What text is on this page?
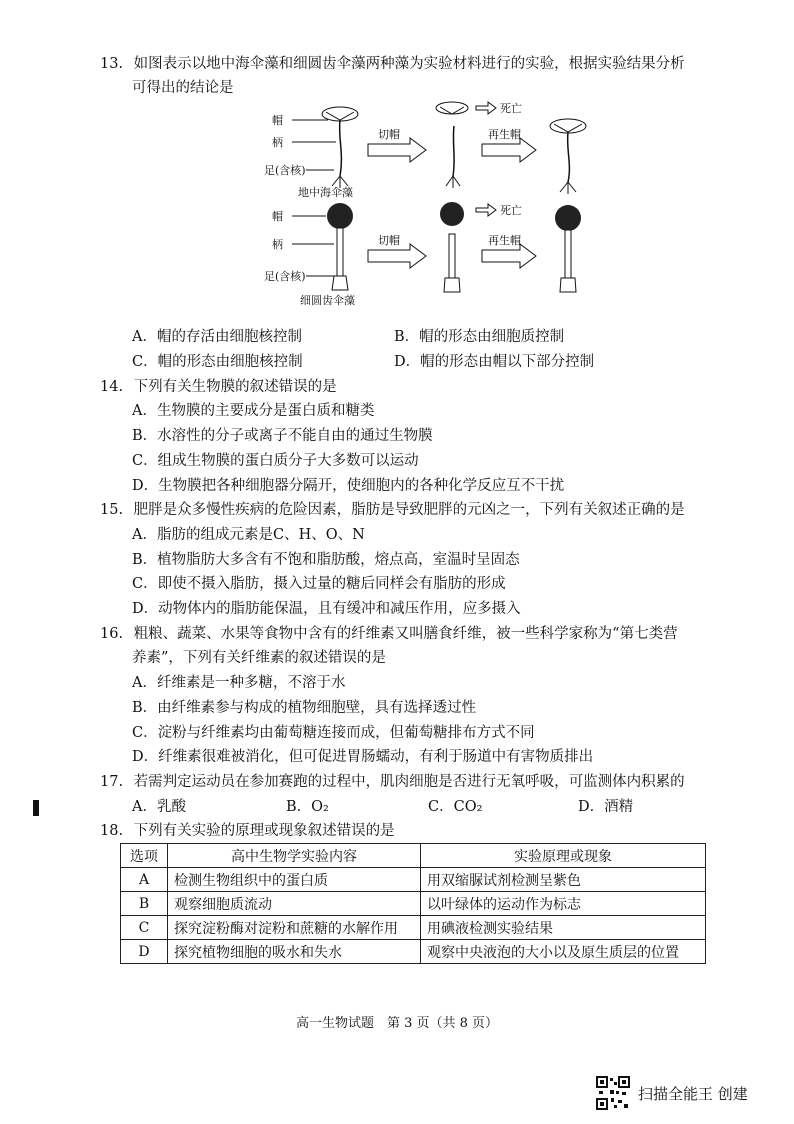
13. 如图表示以地中海伞藻和细圆齿伞藻两种藻为实验材料进行的实验，根据实验结果分析
可得出的结论是
帽
柄
足(含核)
地中海伞藻
切帽
死亡
再生帽
帽
柄
足(含核)
细圆齿伞藻
切帽
死亡
再生帽
A．帽的存活由细胞核控制	B．帽的形态由细胞质控制
C．帽的形态由细胞核控制	D．帽的形态由帽以下部分控制
14. 下列有关生物膜的叙述错误的是
A．生物膜的主要成分是蛋白质和糖类
B．水溶性的分子或离子不能自由的通过生物膜
C．组成生物膜的蛋白质分子大多数可以运动
D．生物膜把各种细胞器分隔开，使细胞内的各种化学反应互不干扰
15. 肥胖是众多慢性疾病的危险因素，脂肪是导致肥胖的元凶之一，下列有关叙述正确的是
A．脂肪的组成元素是C、H、O、N
B．植物脂肪大多含有不饱和脂肪酸，熔点高，室温时呈固态
C．即使不摄入脂肪，摄入过量的糖后同样会有脂肪的形成
D．动物体内的脂肪能保温，且有缓冲和减压作用，应多摄入
16. 粗粮、蔬菜、水果等食物中含有的纤维素又叫膳食纤维，被一些科学家称为“第七类营
养素”，下列有关纤维素的叙述错误的是
A．纤维素是一种多糖，不溶于水
B．由纤维素参与构成的植物细胞壁，具有选择透过性
C．淀粉与纤维素均由葡萄糖连接而成，但葡萄糖排布方式不同
D．纤维素很难被消化，但可促进胃肠蠕动，有利于肠道中有害物质排出
17. 若需判定运动员在参加赛跑的过程中，肌肉细胞是否进行无氧呼吸，可监测体内积累的
A．乳酸	B．O₂	C．CO₂	D．酒精
18. 下列有关实验的原理或现象叙述错误的是
选项	高中生物学实验内容	实验原理或现象
A	检测生物组织中的蛋白质	用双缩脲试剂检测呈紫色
B	观察细胞质流动	以叶绿体的运动作为标志
C	探究淀粉酶对淀粉和蔗糖的水解作用	用碘液检测实验结果
D	探究植物细胞的吸水和失水	观察中央液泡的大小以及原生质层的位置
高一生物试题　第 3 页（共 8 页）
扫描全能王 创建
